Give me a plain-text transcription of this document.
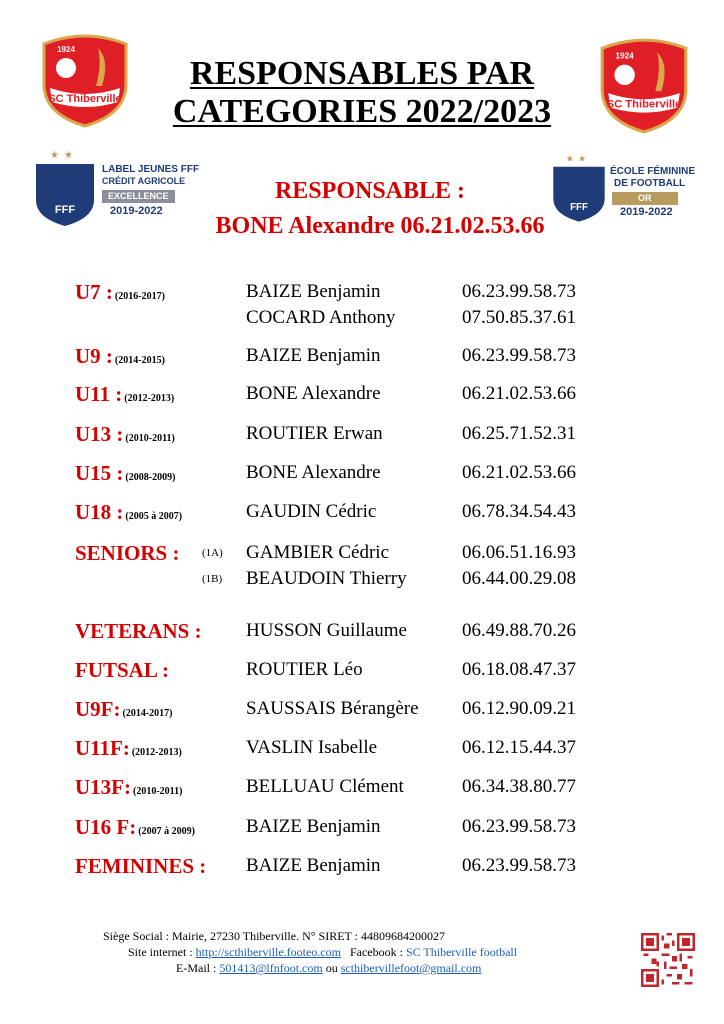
SC Thiberville
1924
SC Thiberville
1924
RESPONSABLES PAR
CATEGORIES 2022/2023
★ ★
FFF
LABEL JEUNES FFF
CRÉDIT AGRICOLE
EXCELLENCE
2019-2022
★ ★
FFF
ÉCOLE FÉMININE
DE FOOTBALL
OR
2019-2022
RESPONSABLE :
BONE Alexandre 06.21.02.53.66
U7 : (2016-2017)	BAIZE Benjamin	06.23.99.58.73
COCARD Anthony	07.50.85.37.61
U9 : (2014-2015)	BAIZE Benjamin	06.23.99.58.73
U11 : (2012-2013)	BONE Alexandre	06.21.02.53.66
U13 : (2010-2011)	ROUTIER Erwan	06.25.71.52.31
U15 : (2008-2009)	BONE Alexandre	06.21.02.53.66
U18 : (2005 à 2007)	GAUDIN Cédric	06.78.34.54.43
SENIORS : (1A) GAMBIER Cédric	06.06.51.16.93
(1B) BEAUDOIN Thierry	06.44.00.29.08
VETERANS : HUSSON Guillaume	06.49.88.70.26
FUTSAL :	ROUTIER Léo	06.18.08.47.37
U9F: (2014-2017)	SAUSSAIS Bérangère 06.12.90.09.21
U11F: (2012-2013)	VASLIN Isabelle	06.12.15.44.37
U13F: (2010-2011)	BELLUAU Clément	06.34.38.80.77
U16 F: (2007 à 2009)	BAIZE Benjamin	06.23.99.58.73
FEMININES : BAIZE Benjamin	06.23.99.58.73
Siège Social : Mairie, 27230 Thiberville. N° SIRET : 44809684200027
Site internet : http://scthiberville.footeo.com Facebook : SC Thiberville football
E-Mail : 501413@lfnfoot.com ou scthibervillefoot@gmail.com
